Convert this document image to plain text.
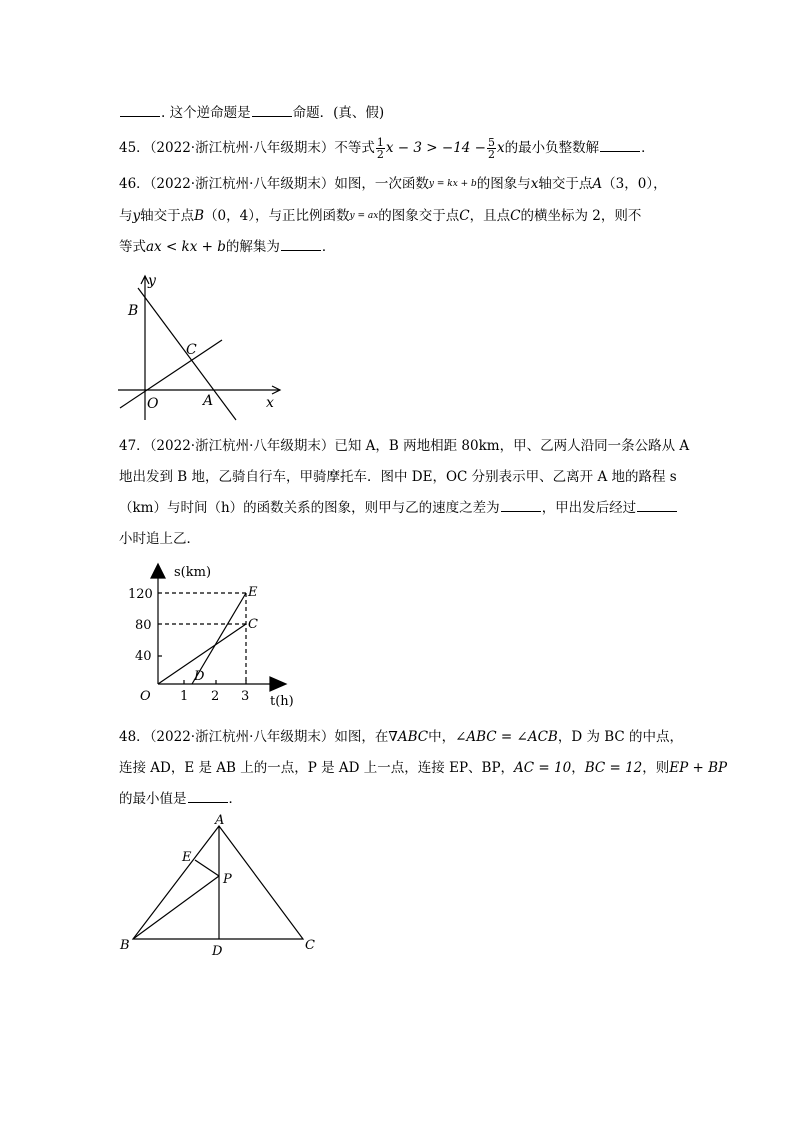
. 这个逆命题是	命题．(真、假)
45．（2022·浙江杭州·八年级期末）不等式 $\frac{1}{2}$ $x - 3 > -14 - \frac{5}{2}$ x的最小负整数解	．
46．（2022·浙江杭州·八年级期末）如图，一次函数y = kx + b的图象与x轴交于点A（3，0），
与y轴交于点B（0，4），与正比例函数y = ax的图象交于点C，且点C的横坐标为 2，则不
等式ax < kx + b的解集为	．
y
B
C
O	A	x
47．（2022·浙江杭州·八年级期末）已知 A，B 两地相距 80km，甲、乙两人沿同一条公路从 A
地出发到 B 地，乙骑自行车，甲骑摩托车．图中 DE，OC 分别表示甲、乙离开 A 地的路程 s
（km）与时间（h）的函数关系的图象，则甲与乙的速度之差为	，甲出发后经过
小时追上乙．
s(km)
120
80
40
O 1 2 3
D
E
C
t(h)
48．（2022·浙江杭州·八年级期末）如图，在∇ABC中，∠ABC = ∠ACB，D 为 BC 的中点，
连接 AD，E 是 AB 上的一点，P 是 AD 上一点，连接 EP、BP，AC = 10，BC = 12，则EP + BP
的最小值是	．
A
E
P
B	D	C
